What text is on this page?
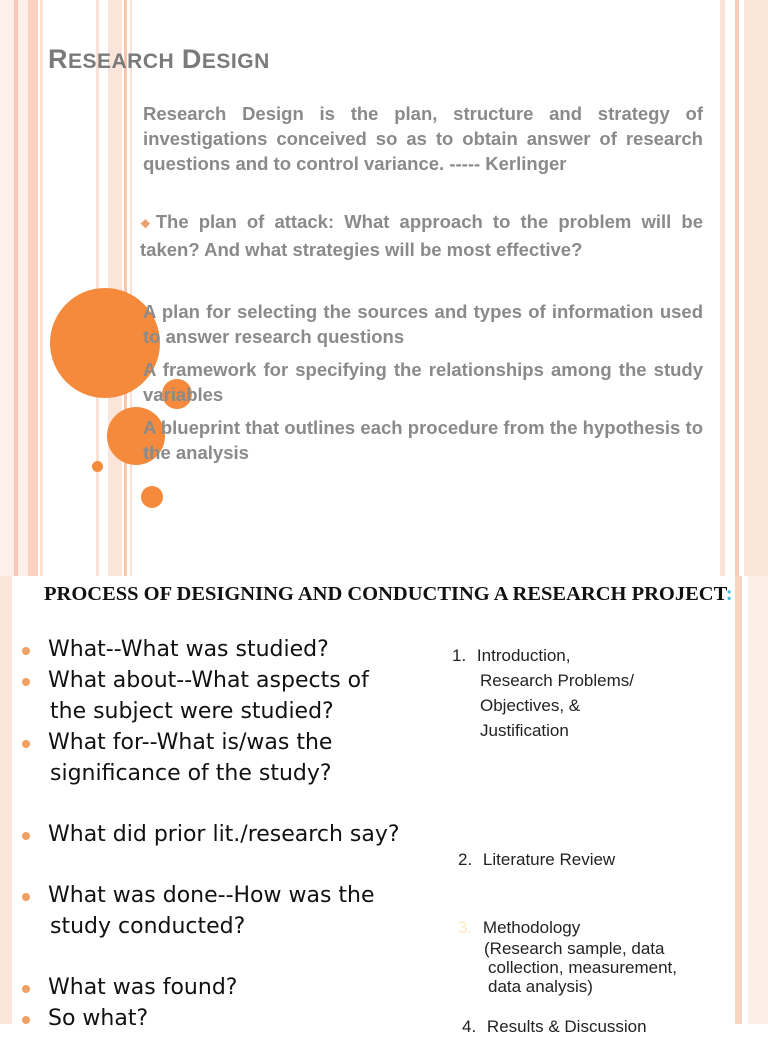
RESEARCH DESIGN
Research Design is the plan, structure and strategy of investigations conceived so as to obtain answer of research questions and to control variance. ----- Kerlinger
❖The plan of attack: What approach to the problem will be taken? And what strategies will be most effective?
A plan for selecting the sources and types of information used to answer research questions
A framework for specifying the relationships among the study variables
A blueprint that outlines each procedure from the hypothesis to the analysis
PROCESS OF DESIGNING AND CONDUCTING A RESEARCH PROJECT:
What--What was studied?
What about--What aspects of
the subject were studied?
What for--What is/was the
significance of the study?
What did prior lit./research say?
What was done--How was the
study conducted?
What was found?
So what?
1. Introduction,
Research Problems/
Objectives, &
Justification
2. Literature Review
3. Methodology
(Research sample, data
collection, measurement,
data analysis)
4. Results & Discussion
